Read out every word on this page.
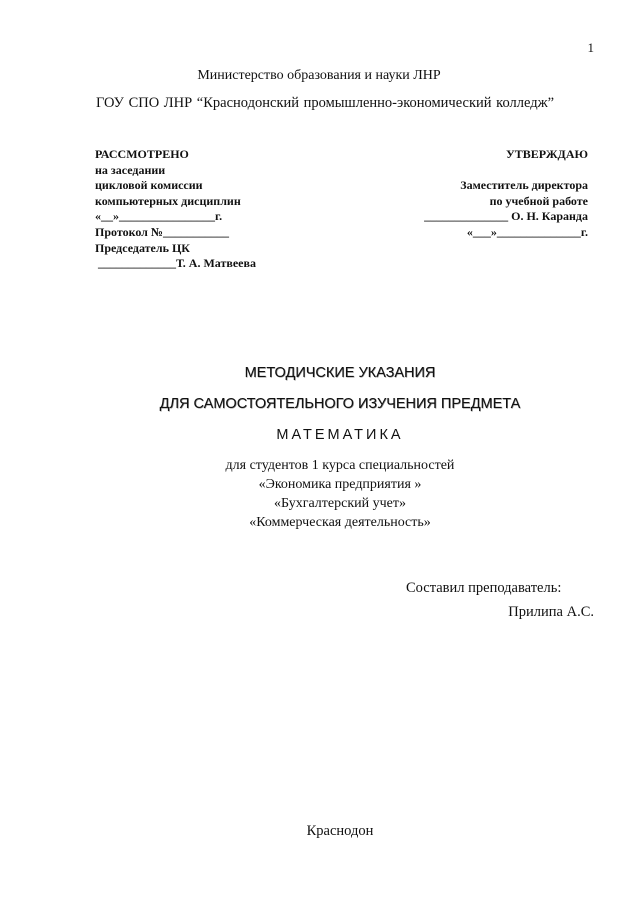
1
Министерство образования и науки ЛНР
ГОУ СПО ЛНР “Краснодонский промышленно-экономический колледж”
РАССМОТРЕНО
на заседании
цикловой комиссии
компьютерных дисциплин
«__»________________г.
Протокол №___________
Председатель ЦК
_____________Т. А. Матвеева
УТВЕРЖДАЮ
Заместитель директора
по учебной работе
______________ О. Н. Каранда
«___»______________г.
МЕТОДИЧСКИЕ УКАЗАНИЯ
ДЛЯ САМОСТОЯТЕЛЬНОГО ИЗУЧЕНИЯ ПРЕДМЕТА
МАТЕМАТИКА
для студентов 1 курса специальностей
«Экономика предприятия »
«Бухгалтерский учет»
«Коммерческая деятельность»
Составил преподаватель:
Прилипа А.С.
Краснодон
